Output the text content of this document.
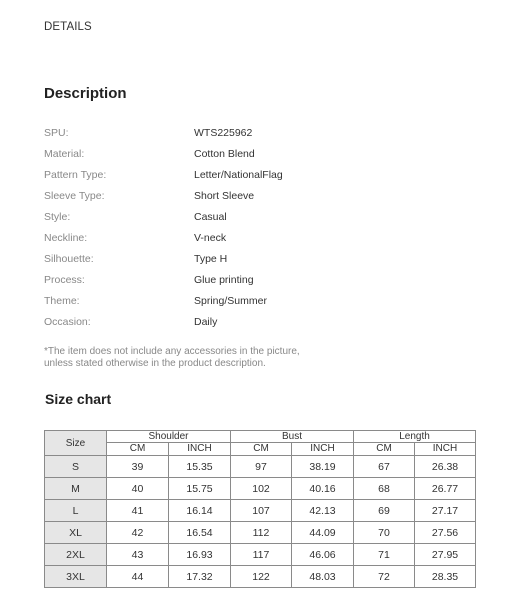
DETAILS
Description
SPU:	WTS225962
Material:	Cotton Blend
Pattern Type:	Letter/NationalFlag
Sleeve Type:	Short Sleeve
Style:	Casual
Neckline:	V-neck
Silhouette:	Type H
Process:	Glue printing
Theme:	Spring/Summer
Occasion:	Daily
*The item does not include any accessories in the picture,
unless stated otherwise in the product description.
Size chart
Size	Shoulder		Bust		Length	
	CM	INCH	CM	INCH	CM	INCH
S	39	15.35	97	38.19	67	26.38
M	40	15.75	102	40.16	68	26.77
L	41	16.14	107	42.13	69	27.17
XL	42	16.54	112	44.09	70	27.56
2XL	43	16.93	117	46.06	71	27.95
3XL	44	17.32	122	48.03	72	28.35
